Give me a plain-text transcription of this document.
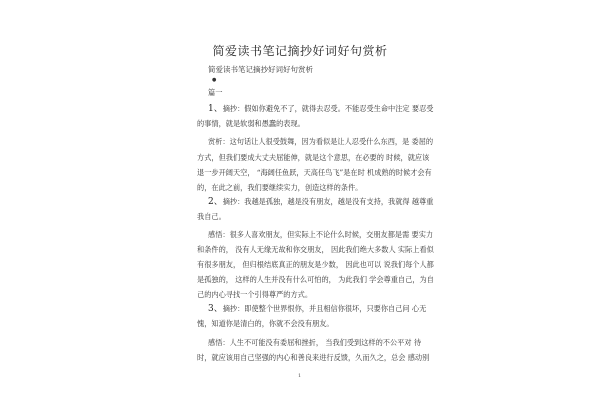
简爱读书笔记摘抄好词好句赏析
简爱读书笔记摘抄好词好句赏析
●
篇一
1、摘抄：假如你避免不了，就得去忍受。不能忍受生命中注定 要忍受
的事情，就是软弱和愚蠢的表现。
赏析：这句话让人很受鼓舞，因为看似是让人忍受什么东西，是 委屈的
方式，但我们要成大丈夫屈能伸，就是这个意思，在必要的 时候，就应该
退一步开阔天空， “海阔任鱼跃，天高任鸟飞”是在时 机成熟的时候才会有
的，在此之前，我们要继续实力，创造这样的条件。
2、摘抄：我越是孤独，越是没有朋友，越是没有支持，我就得 越尊重
我自己。
感悟：很多人喜欢朋友，但实际上不论什么时候，交朋友都是需 要实力
和条件的， 没有人无缘无故和你交朋友， 因此我们绝大多数人 实际上看似
有很多朋友， 但归根结底真正的朋友是少数， 因此也可以 说我们每个人都
是孤独的， 这样的人生并没有什么可怕的， 为此我们 学会尊重自己，为自
己的内心寻找一个引得尊严的方式。
3、摘抄：即使整个世界恨你，并且相信你很坏，只要你自己问 心无
愧，知道你是清白的，你就不会没有朋友。
感悟：人生不可能没有委屈和挫折， 当我们受到这样的不公平对 待
时，就应该用自己坚强的内心和善良来进行反馈，久而久之，总会 感动别
1
